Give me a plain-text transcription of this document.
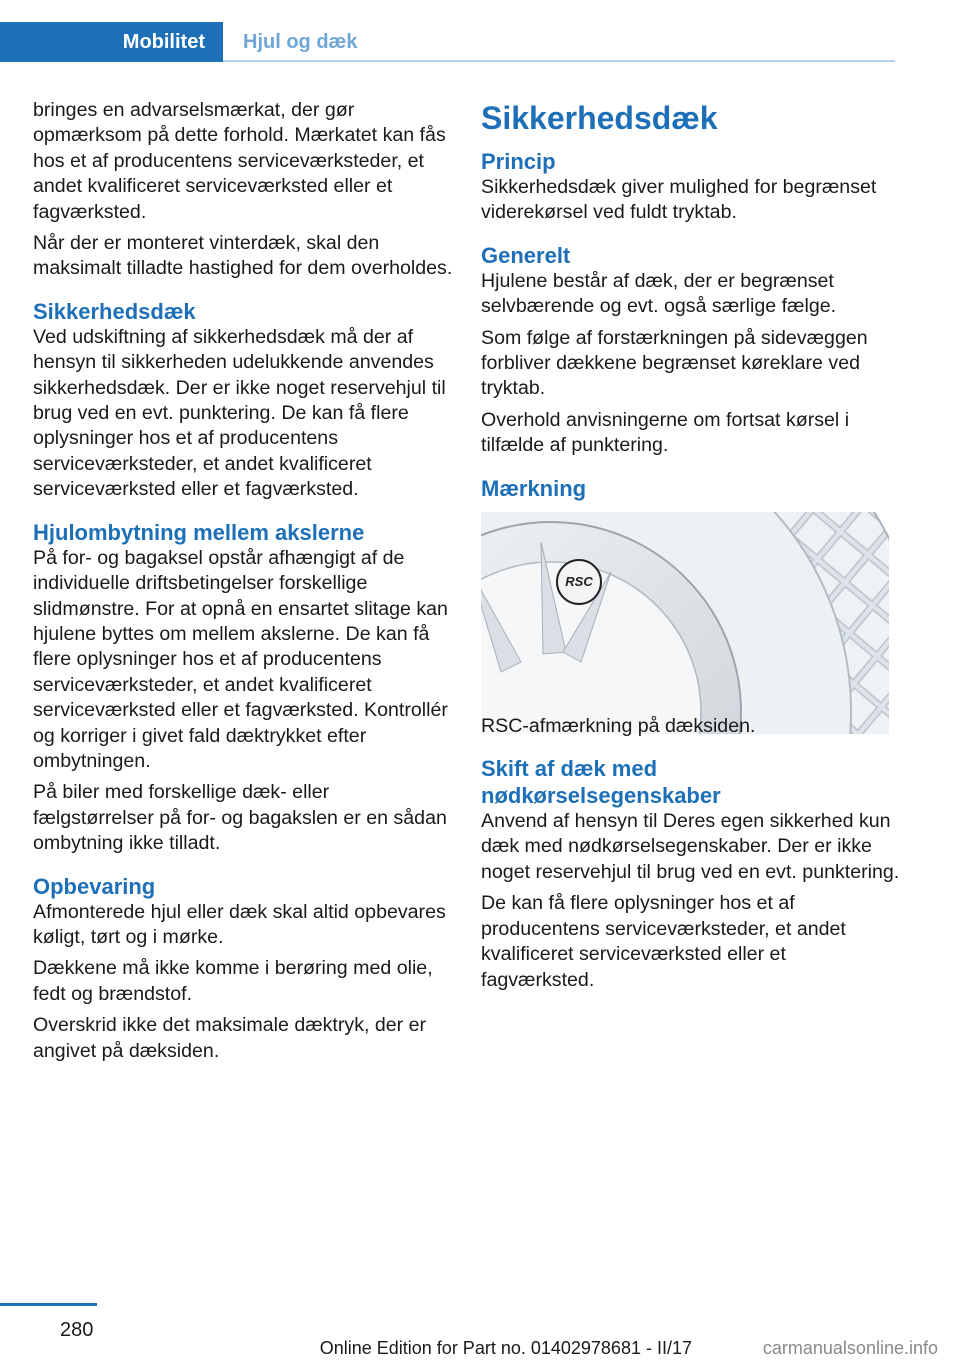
Mobilitet	Hjul og dæk

bringes en advarselsmærkat, der gør opmærksom på dette forhold. Mærkatet kan fås hos et af producentens serviceværksteder, et andet kvalificeret serviceværksted eller et fagværksted.

Når der er monteret vinterdæk, skal den maksimalt tilladte hastighed for dem overholdes.

Sikkerhedsdæk

Ved udskiftning af sikkerhedsdæk må der af hensyn til sikkerheden udelukkende anvendes sikkerhedsdæk. Der er ikke noget reservehjul til brug ved en evt. punktering. De kan få flere oplysninger hos et af producentens serviceværksteder, et andet kvalificeret serviceværksted eller et fagværksted.

Hjulombytning mellem akslerne

På for- og bagaksel opstår afhængigt af de individuelle driftsbetingelser forskellige slidmønstre. For at opnå en ensartet slitage kan hjulene byttes om mellem akslerne. De kan få flere oplysninger hos et af producentens serviceværksteder, et andet kvalificeret serviceværksted eller et fagværksted. Kontrollér og korriger i givet fald dæktrykket efter ombytningen.

På biler med forskellige dæk- eller fælgstørrelser på for- og bagakslen er en sådan ombytning ikke tilladt.

Opbevaring

Afmonterede hjul eller dæk skal altid opbevares køligt, tørt og i mørke.

Dækkene må ikke komme i berøring med olie, fedt og brændstof.

Overskrid ikke det maksimale dæktryk, der er angivet på dæksiden.

Sikkerhedsdæk
Princip

Sikkerhedsdæk giver mulighed for begrænset viderekørsel ved fuldt tryktab.

Generelt

Hjulene består af dæk, der er begrænset selvbærende og evt. også særlige fælge.

Som følge af forstærkningen på sidevæggen forbliver dækkene begrænset køreklare ved tryktab.

Overhold anvisningerne om fortsat kørsel i tilfælde af punktering.

Mærkning
RSC

RSC-afmærkning på dæksiden.

Skift af dæk med nødkørselsegenskaber

Anvend af hensyn til Deres egen sikkerhed kun dæk med nødkørselsegenskaber. Der er ikke noget reservehjul til brug ved en evt. punktering.

De kan få flere oplysninger hos et af producentens serviceværksteder, et andet kvalificeret serviceværksted eller et fagværksted.

280
Online Edition for Part no. 01402978681 - II/17	carmanualsonline.info
